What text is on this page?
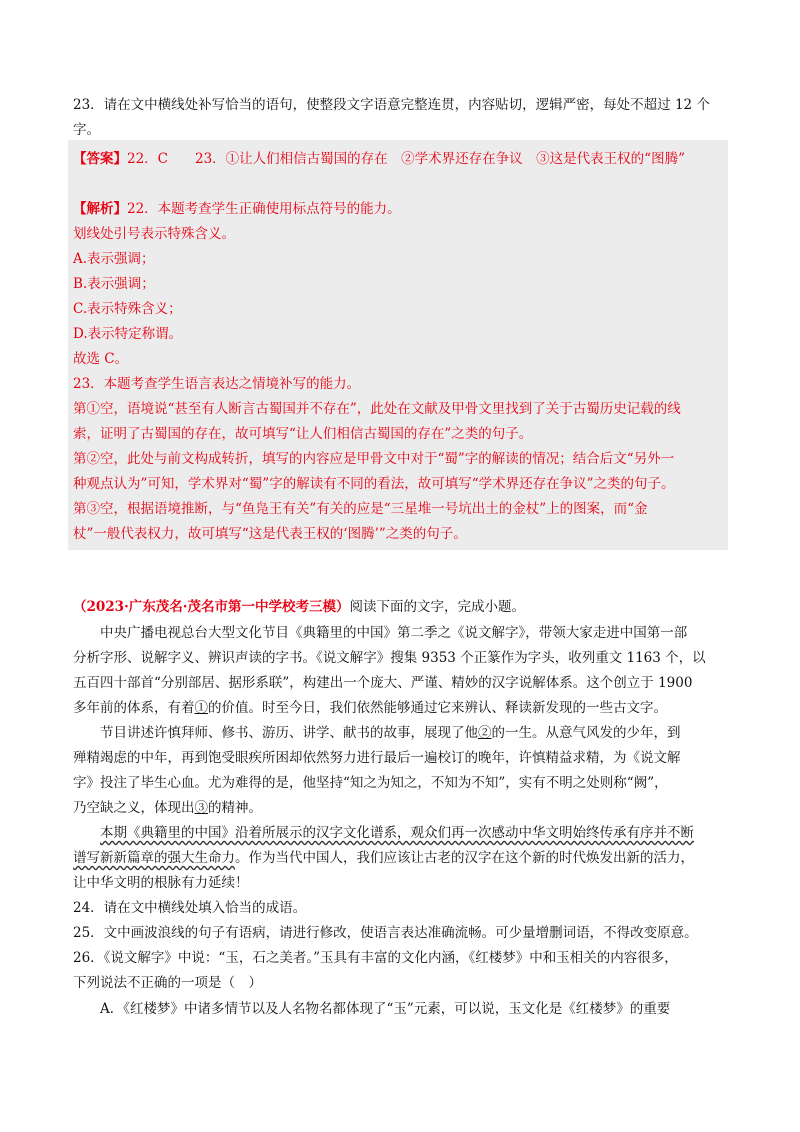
23．请在文中横线处补写恰当的语句，使整段文字语意完整连贯，内容贴切，逻辑严密，每处不超过 12 个
字。
【答案】22．C　　23．①让人们相信古蜀国的存在　②学术界还存在争议　③这是代表王权的“图腾”
【解析】22．本题考查学生正确使用标点符号的能力。
划线处引号表示特殊含义。
A.表示强调；
B.表示强调；
C.表示特殊含义；
D.表示特定称谓。
故选 C。
23．本题考查学生语言表达之情境补写的能力。
第①空，语境说“甚至有人断言古蜀国并不存在”，此处在文献及甲骨文里找到了关于古蜀历史记载的线
索，证明了古蜀国的存在，故可填写“让人们相信古蜀国的存在”之类的句子。
第②空，此处与前文构成转折，填写的内容应是甲骨文中对于“蜀”字的解读的情况；结合后文“另外一
种观点认为”可知，学术界对“蜀”字的解读有不同的看法，故可填写“学术界还存在争议”之类的句子。
第③空，根据语境推断，与“鱼凫王有关”有关的应是“三星堆一号坑出土的金杖”上的图案，而“金
杖”一般代表权力，故可填写“这是代表王权的‘图腾’”之类的句子。
（2023·广东茂名·茂名市第一中学校考三模）阅读下面的文字，完成小题。
中央广播电视总台大型文化节目《典籍里的中国》第二季之《说文解字》，带领大家走进中国第一部
分析字形、说解字义、辨识声读的字书。《说文解字》搜集 9353 个正篆作为字头，收列重文 1163 个，以
五百四十部首“分别部居、据形系联”，构建出一个庞大、严谨、精妙的汉字说解体系。这个创立于 1900
多年前的体系，有着①的价值。时至今日，我们依然能够通过它来辨认、释读新发现的一些古文字。
节目讲述许慎拜师、修书、游历、讲学、献书的故事，展现了他②的一生。从意气风发的少年，到
殚精竭虑的中年，再到饱受眼疾所困却依然努力进行最后一遍校订的晚年，许慎精益求精，为《说文解
字》投注了毕生心血。尤为难得的是，他坚持“知之为知之，不知为不知”，实有不明之处则称“阙”，
乃空缺之义，体现出③的精神。
本期《典籍里的中国》沿着所展示的汉字文化谱系，观众们再一次感动中华文明始终传承有序并不断
谱写新新篇章的强大生命力。作为当代中国人，我们应该让古老的汉字在这个新的时代焕发出新的活力，
让中华文明的根脉有力延续！
24．请在文中横线处填入恰当的成语。
25．文中画波浪线的句子有语病，请进行修改，使语言表达准确流畅。可少量增删词语，不得改变原意。
26．《说文解字》中说：“玉，石之美者。”玉具有丰富的文化内涵，《红楼梦》中和玉相关的内容很多，
下列说法不正确的一项是（　）
A．《红楼梦》中诸多情节以及人名物名都体现了“玉”元素，可以说，玉文化是《红楼梦》的重要
